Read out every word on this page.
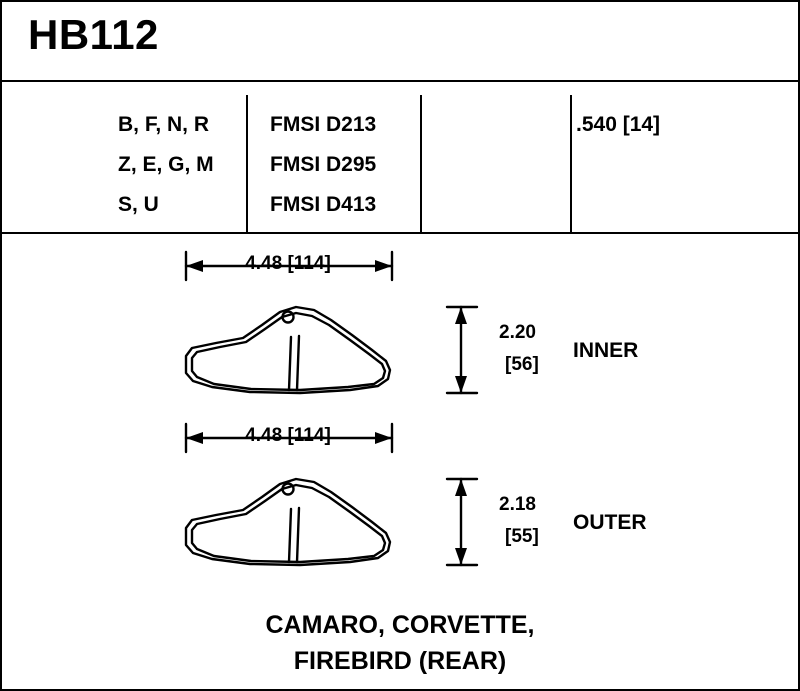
HB112
B, F, N, R
Z, E, G, M
S, U
FMSI D213
FMSI D295
FMSI D413
.540 [14]
4.48 [114]
2.20
[56]
INNER
4.48 [114]
2.18
[55]
OUTER
CAMARO, CORVETTE,
FIREBIRD (REAR)
